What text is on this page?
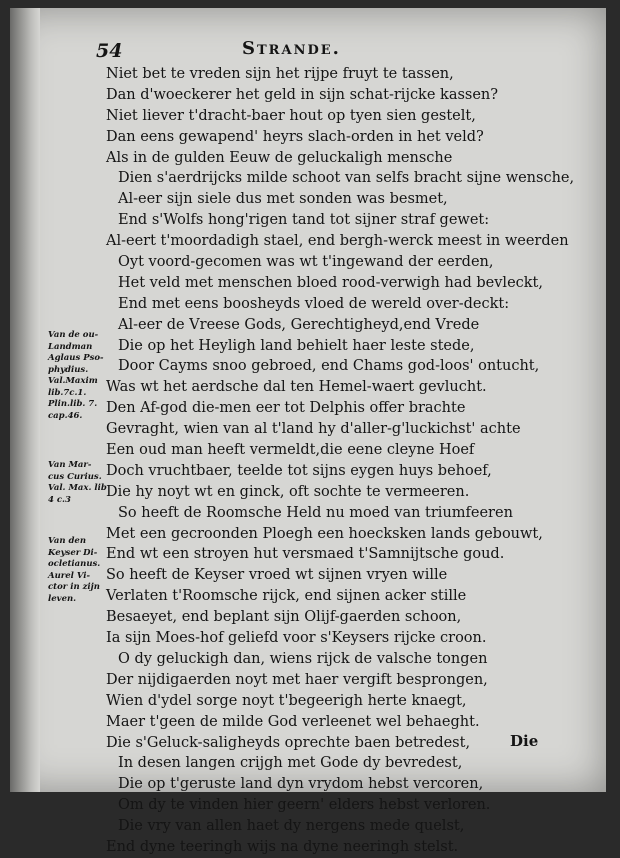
54	Strande.
Niet bet te vreden sijn het rijpe fruyt te tassen,
Dan d'woeckerer het geld in sijn schat-rijcke kassen?
Niet liever t'dracht-baer hout op tyen sien gestelt,
Dan eens gewapend' heyrs slach-orden in het veld?
Als in de gulden Eeuw de geluckaligh mensche
Dien s'aerdrijcks milde schoot van selfs bracht sijne wensche,
Al-eer sijn siele dus met sonden was besmet,
End s'Wolfs hong'rigen tand tot sijner straf gewet:
Al-eert t'moordadigh stael, end bergh-werck meest in weerden
Oyt voord-gecomen was wt t'ingewand der eerden,
Het veld met menschen bloed rood-verwigh had bevleckt,
End met eens boosheyds vloed de wereld over-deckt:
Al-eer de Vreese Gods, Gerechtigheyd,end Vrede
Die op het Heyligh land behielt haer leste stede,
Door Cayms snoo gebroed, end Chams god-loos' ontucht,
Was wt het aerdsche dal ten Hemel-waert gevlucht.
Den Af-god die-men eer tot Delphis offer brachte
Gevraght, wien van al t'land hy d'aller-g'luckichst' achte
Een oud man heeft vermeldt,die eene cleyne Hoef
Doch vruchtbaer, teelde tot sijns eygen huys behoef,
Die hy noyt wt en ginck, oft sochte te vermeeren.
So heeft de Roomsche Held nu moed van triumfeeren
Met een gecroonden Ploegh een hoecksken lands gebouwt,
End wt een stroyen hut versmaed t'Samnijtsche goud.
So heeft de Keyser vroed wt sijnen vryen wille
Verlaten t'Roomsche rijck, end sijnen acker stille
Besaeyet, end beplant sijn Olijf-gaerden schoon,
Ia sijn Moes-hof geliefd voor s'Keysers rijcke croon.
O dy geluckigh dan, wiens rijck de valsche tongen
Der nijdigaerden noyt met haer vergift besprongen,
Wien d'ydel sorge noyt t'begeerigh herte knaegt,
Maer t'geen de milde God verleenet wel behaeght.
Die s'Geluck-saligheyds oprechte baen betredest,
In desen langen crijgh met Gode dy bevredest,
Die op t'geruste land dyn vrydom hebst vercoren,
Om dy te vinden hier geern' elders hebst verloren.
Die vry van allen haet dy nergens mede quelst,
End dyne teeringh wijs na dyne neeringh stelst.
Van de ou- Landman Aglaus Pso- phydius. Val.Maxim lib.7c.1. Plin.lib. 7. cap.46.
Van Mar- cus Curius. Val. Max. lib 4 c.3
Van den Keyser Di- ocletianus. Aurel Vi- ctor in zijn leven.
Die
